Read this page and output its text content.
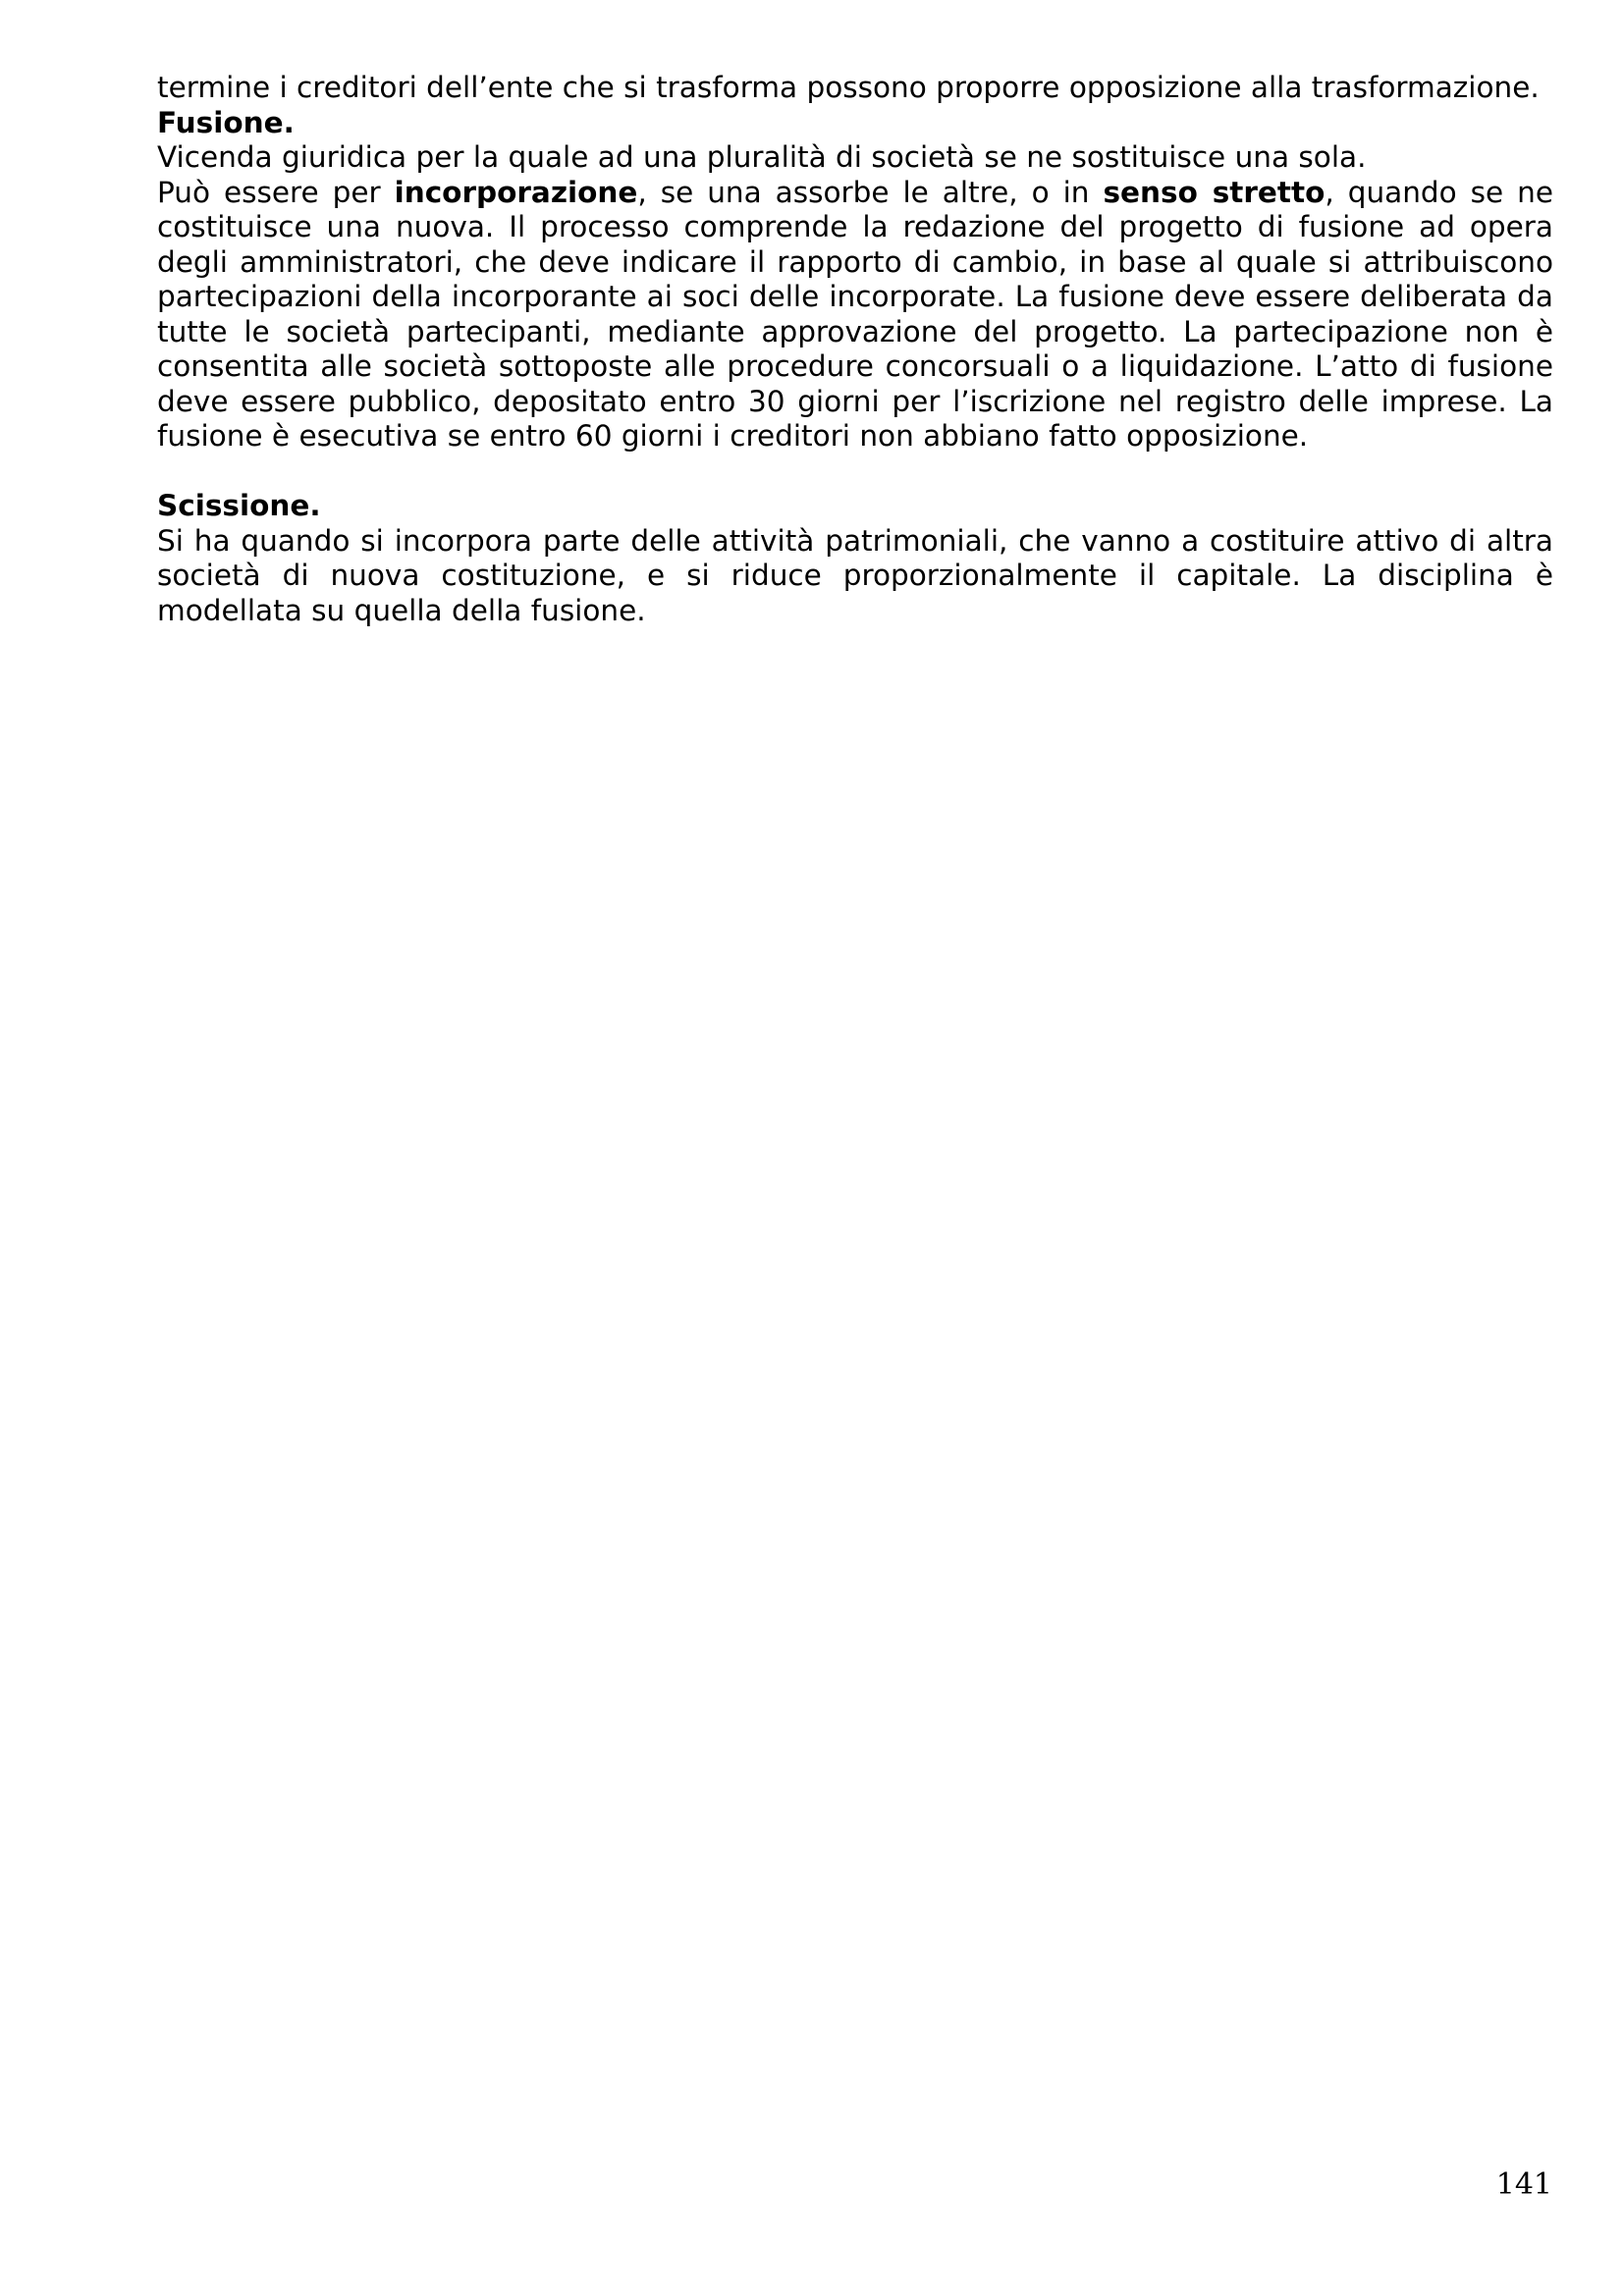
termine i creditori dell’ente che si trasforma possono proporre opposizione alla trasformazione.

Fusione.

Vicenda giuridica per la quale ad una pluralità di società se ne sostituisce una sola.

Può essere per incorporazione, se una assorbe le altre, o in senso stretto, quando se ne costituisce una nuova. Il processo comprende la redazione del progetto di fusione ad opera degli amministratori, che deve indicare il rapporto di cambio, in base al quale si attribuiscono partecipazioni della incorporante ai soci delle incorporate. La fusione deve essere deliberata da tutte le società partecipanti, mediante approvazione del progetto. La partecipazione non è consentita alle società sottoposte alle procedure concorsuali o a liquidazione. L’atto di fusione deve essere pubblico, depositato entro 30 giorni per l’iscrizione nel registro delle imprese. La fusione è esecutiva se entro 60 giorni i creditori non abbiano fatto opposizione.

Scissione.

Si ha quando si incorpora parte delle attività patrimoniali, che vanno a costituire attivo di altra società di nuova costituzione, e si riduce proporzionalmente il capitale. La disciplina è modellata su quella della fusione.

141
